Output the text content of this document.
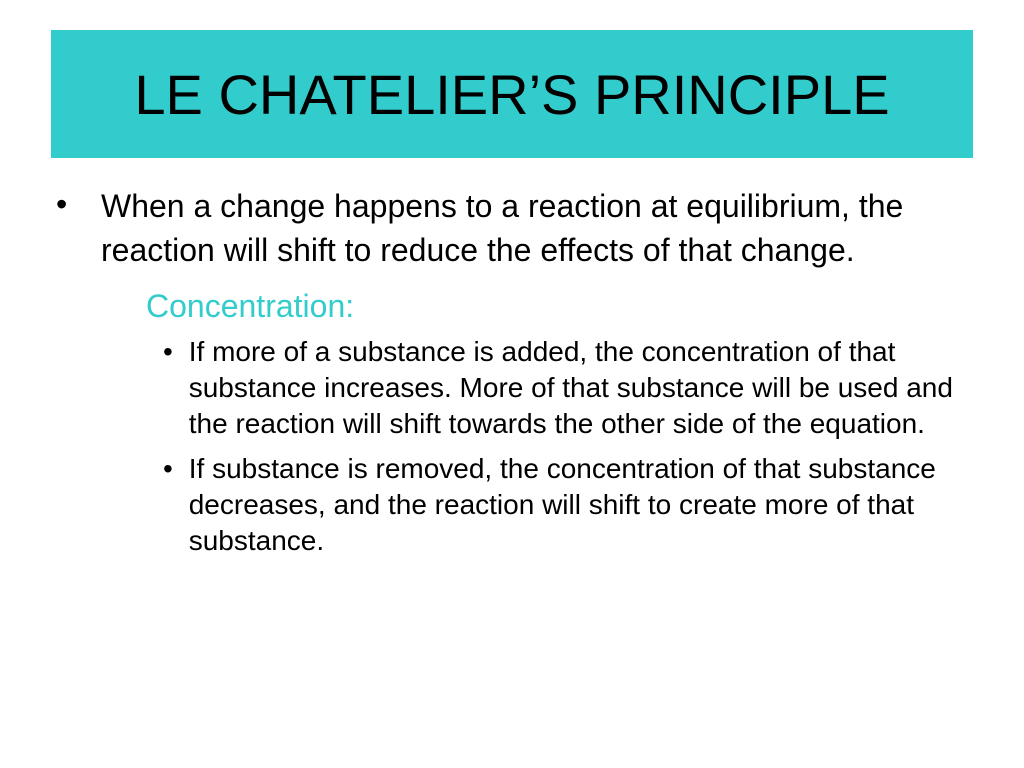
LE CHATELIER’S PRINCIPLE
•	When a change happens to a reaction at equilibrium, the reaction will shift to reduce the effects of that change.
Concentration:
• If more of a substance is added, the concentration of that substance increases. More of that substance will be used and the reaction will shift towards the other side of the equation.
• If substance is removed, the concentration of that substance decreases, and the reaction will shift to create more of that substance.
